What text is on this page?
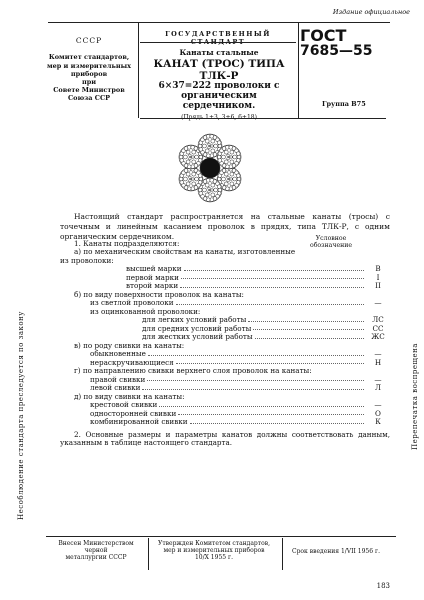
Издание официальное
СССР
Комитет стандартов,
мер и измерительных
приборов
при
Совете Министров
Союза ССР
ГОСУДАРСТВЕННЫЙ СТАНДАРТ
Канаты стальные
КАНАТ (ТРОС) ТИПА ТЛК-Р
6×37=222 проволоки с органическим
сердечником.
(Прядь 1+3, 3+6, 6+18)
ГОСТ
7685—55
Группа В75
Несоблюдение стандарта преследуется по закону	Перепечатка воспрещена
Настоящий стандарт распространяется на стальные канаты (тросы) с точечным и линейным касанием проволок в прядях, типа ТЛК-Р, с одним органическим сердечником.
1. Канаты подразделяются:
а) по механическим свойствам на канаты, изготовленные
из проволоки:
высшей марки	В
первой марки	I
второй марки	II
б) по виду поверхности проволок на канаты:
из светлой проволоки	—
из оцинкованной проволоки:
для легких условий работы	ЛС
для средних условий работы	СС
для жестких условий работы	ЖС
в) по роду свивки на канаты:
обыкновенные	—
нераскручивающиеся	Н
г) по направлению свивки верхнего слоя проволок на канаты:
правой свивки	—
левой свивки	Л
д) по виду свивки на канаты:
крестовой свивки	—
односторонней свивки	О
комбинированной свивки	К
2. Основные размеры и параметры канатов должны соответствовать данным, указанным в таблице настоящего стандарта.
Условное
обозначение
Внесен Министерством черной
металлургии СССР
Утвержден Комитетом стандартов,
мер и измерительных приборов
10/X 1955 г.
Срок введения 1/VII 1956 г.
183
